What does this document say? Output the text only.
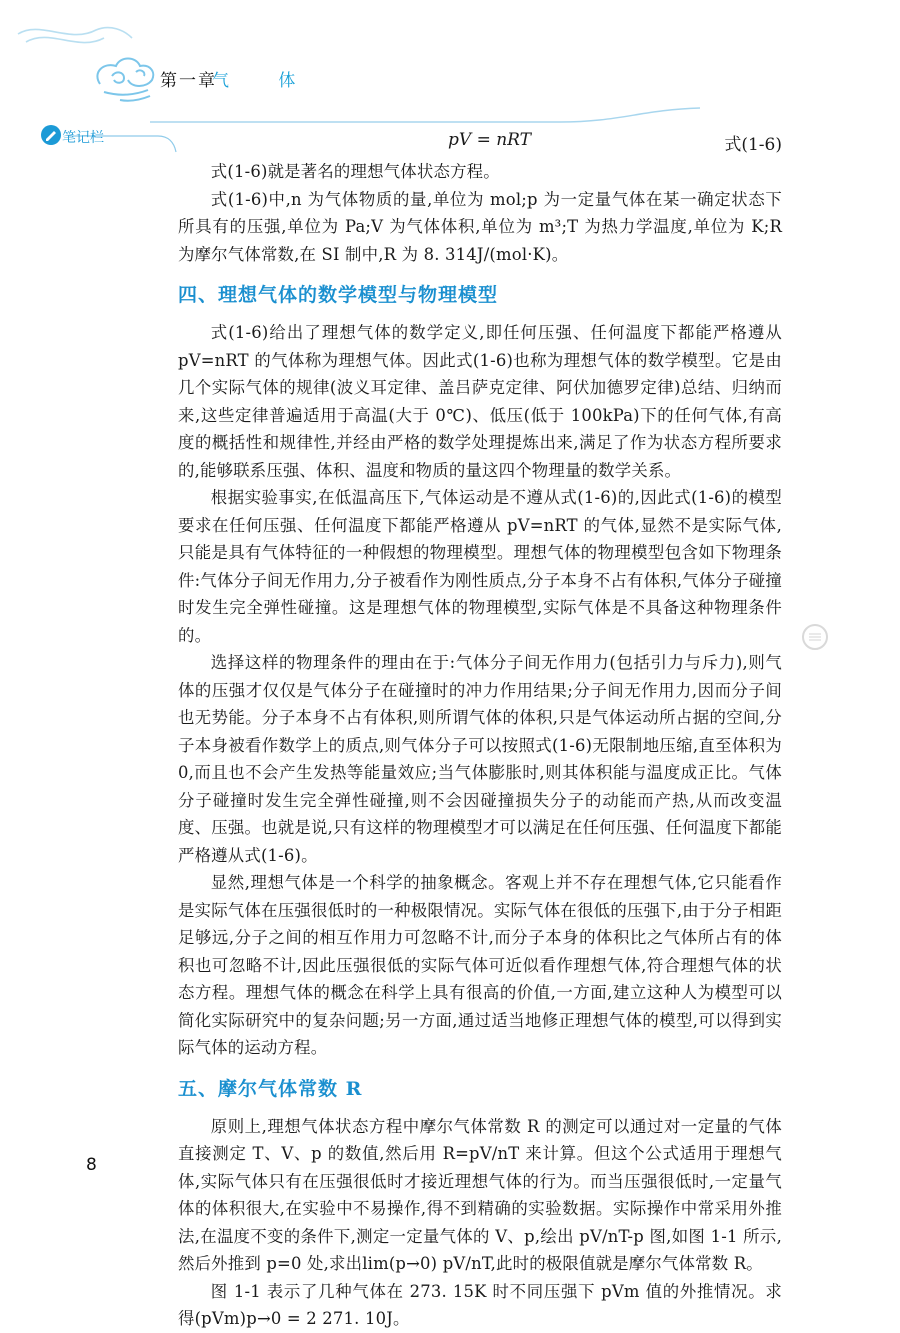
第一章
气 体
笔记栏	pV = nRT	式(1-6)

式(1-6)就是著名的理想气体状态方程。

式(1-6)中,n 为气体物质的量,单位为 mol;p 为一定量气体在某一确定状态下所具有的压强,单位为 Pa;V 为气体体积,单位为 m³;T 为热力学温度,单位为 K;R 为摩尔气体常数,在 SI 制中,R 为 8. 314J/(mol·K)。

四、理想气体的数学模型与物理模型

式(1-6)给出了理想气体的数学定义,即任何压强、任何温度下都能严格遵从 pV=nRT 的气体称为理想气体。因此式(1-6)也称为理想气体的数学模型。它是由几个实际气体的规律(波义耳定律、盖吕萨克定律、阿伏加德罗定律)总结、归纳而来,这些定律普遍适用于高温(大于 0℃)、低压(低于 100kPa)下的任何气体,有高度的概括性和规律性,并经由严格的数学处理提炼出来,满足了作为状态方程所要求的,能够联系压强、体积、温度和物质的量这四个物理量的数学关系。

根据实验事实,在低温高压下,气体运动是不遵从式(1-6)的,因此式(1-6)的模型要求在任何压强、任何温度下都能严格遵从 pV=nRT 的气体,显然不是实际气体,只能是具有气体特征的一种假想的物理模型。理想气体的物理模型包含如下物理条件:气体分子间无作用力,分子被看作为刚性质点,分子本身不占有体积,气体分子碰撞时发生完全弹性碰撞。这是理想气体的物理模型,实际气体是不具备这种物理条件的。

选择这样的物理条件的理由在于:气体分子间无作用力(包括引力与斥力),则气体的压强才仅仅是气体分子在碰撞时的冲力作用结果;分子间无作用力,因而分子间也无势能。分子本身不占有体积,则所谓气体的体积,只是气体运动所占据的空间,分子本身被看作数学上的质点,则气体分子可以按照式(1-6)无限制地压缩,直至体积为 0,而且也不会产生发热等能量效应;当气体膨胀时,则其体积能与温度成正比。气体分子碰撞时发生完全弹性碰撞,则不会因碰撞损失分子的动能而产热,从而改变温度、压强。也就是说,只有这样的物理模型才可以满足在任何压强、任何温度下都能严格遵从式(1-6)。

显然,理想气体是一个科学的抽象概念。客观上并不存在理想气体,它只能看作是实际气体在压强很低时的一种极限情况。实际气体在很低的压强下,由于分子相距足够远,分子之间的相互作用力可忽略不计,而分子本身的体积比之气体所占有的体积也可忽略不计,因此压强很低的实际气体可近似看作理想气体,符合理想气体的状态方程。理想气体的概念在科学上具有很高的价值,一方面,建立这种人为模型可以简化实际研究中的复杂问题;另一方面,通过适当地修正理想气体的模型,可以得到实际气体的运动方程。

五、摩尔气体常数 R

原则上,理想气体状态方程中摩尔气体常数 R 的测定可以通过对一定量的气体直接测定 T、V、p 的数值,然后用 R=pV/nT 来计算。但这个公式适用于理想气体,实际气体只有在压强很低时才接近理想气体的行为。而当压强很低时,一定量气体的体积很大,在实验中不易操作,得不到精确的实验数据。实际操作中常采用外推法,在温度不变的条件下,测定一定量气体的 V、p,绘出 pV/nT-p 图,如图 1-1 所示,然后外推到 p=0 处,求出lim(p→0) pV/nT,此时的极限值就是摩尔气体常数 R。

图 1-1 表示了几种气体在 273. 15K 时不同压强下 pVm 值的外推情况。求得(pVm)p→0 = 2 271. 10J。

8
